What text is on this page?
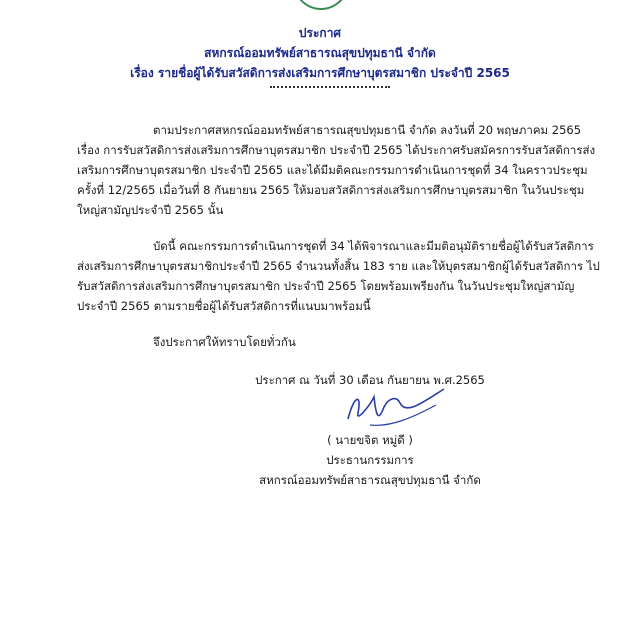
ประกาศ
สหกรณ์ออมทรัพย์สาธารณสุขปทุมธานี จำกัด
เรื่อง รายชื่อผู้ได้รับสวัสดิการส่งเสริมการศึกษาบุตรสมาชิก ประจำปี 2565
ตามประกาศสหกรณ์ออมทรัพย์สาธารณสุขปทุมธานี จำกัด ลงวันที่ 20 พฤษภาคม 2565 เรื่อง การรับสวัสดิการส่งเสริมการศึกษาบุตรสมาชิก ประจำปี 2565 ได้ประกาศรับสมัครการรับสวัสดิการส่งเสริมการศึกษาบุตรสมาชิก ประจำปี 2565 และได้มีมติคณะกรรมการดำเนินการชุดที่ 34 ในคราวประชุมครั้งที่ 12/2565 เมื่อวันที่ 8 กันยายน 2565 ให้มอบสวัสดิการส่งเสริมการศึกษาบุตรสมาชิก ในวันประชุมใหญ่สามัญประจำปี 2565 นั้น
บัดนี้ คณะกรรมการดำเนินการชุดที่ 34 ได้พิจารณาและมีมติอนุมัติรายชื่อผู้ได้รับสวัสดิการส่งเสริมการศึกษาบุตรสมาชิกประจำปี 2565 จำนวนทั้งสิ้น 183 ราย และให้บุตรสมาชิกผู้ได้รับสวัสดิการ ไปรับสวัสดิการส่งเสริมการศึกษาบุตรสมาชิก ประจำปี 2565 โดยพร้อมเพรียงกัน ในวันประชุมใหญ่สามัญประจำปี 2565 ตามรายชื่อผู้ได้รับสวัสดิการที่แนบมาพร้อมนี้
จึงประกาศให้ทราบโดยทั่วกัน
ประกาศ ณ วันที่ 30 เดือน กันยายน พ.ศ.2565
( นายขจิต หมู่ดี )
ประธานกรรมการ
สหกรณ์ออมทรัพย์สาธารณสุขปทุมธานี จำกัด
